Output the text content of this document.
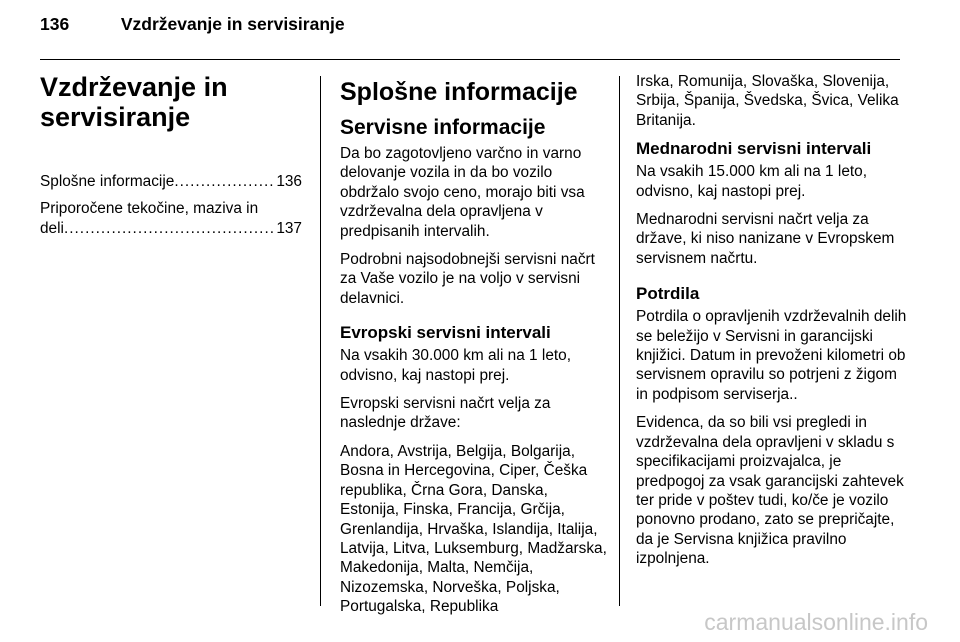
136	Vzdrževanje in servisiranje
Vzdrževanje in servisiranje
Splošne informacije .....	136
Priporočene tekočine, maziva in
deli .....	137
Splošne informacije
Servisne informacije

Da bo zagotovljeno varčno in varno delovanje vozila in da bo vozilo obdržalo svojo ceno, morajo biti vsa vzdrževalna dela opravljena v predpisanih intervalih.

Podrobni najsodobnejši servisni načrt za Vaše vozilo je na voljo v servisni delavnici.

Evropski servisni intervali

Na vsakih 30.000 km ali na 1 leto, odvisno, kaj nastopi prej.

Evropski servisni načrt velja za naslednje države:

Andora, Avstrija, Belgija, Bolgarija, Bosna in Hercegovina, Ciper, Češka republika, Črna Gora, Danska, Estonija, Finska, Francija, Grčija, Grenlandija, Hrvaška, Islandija, Italija, Latvija, Litva, Luksemburg, Madžarska, Makedonija, Malta, Nemčija, Nizozemska, Norveška, Poljska, Portugalska, Republika

Irska, Romunija, Slovaška, Slovenija, Srbija, Španija, Švedska, Švica, Velika Britanija.

Mednarodni servisni intervali

Na vsakih 15.000 km ali na 1 leto, odvisno, kaj nastopi prej.

Mednarodni servisni načrt velja za države, ki niso nanizane v Evropskem servisnem načrtu.

Potrdila

Potrdila o opravljenih vzdrževalnih delih se beležijo v Servisni in garancijski knjižici. Datum in prevoženi kilometri ob servisnem opravilu so potrjeni z žigom in podpisom serviserja..

Evidenca, da so bili vsi pregledi in vzdrževalna dela opravljeni v skladu s specifikacijami proizvajalca, je predpogoj za vsak garancijski zahtevek ter pride v poštev tudi, ko/če je vozilo ponovno prodano, zato se prepričajte, da je Servisna knjižica pravilno izpolnjena.

carmanualsonline.info
